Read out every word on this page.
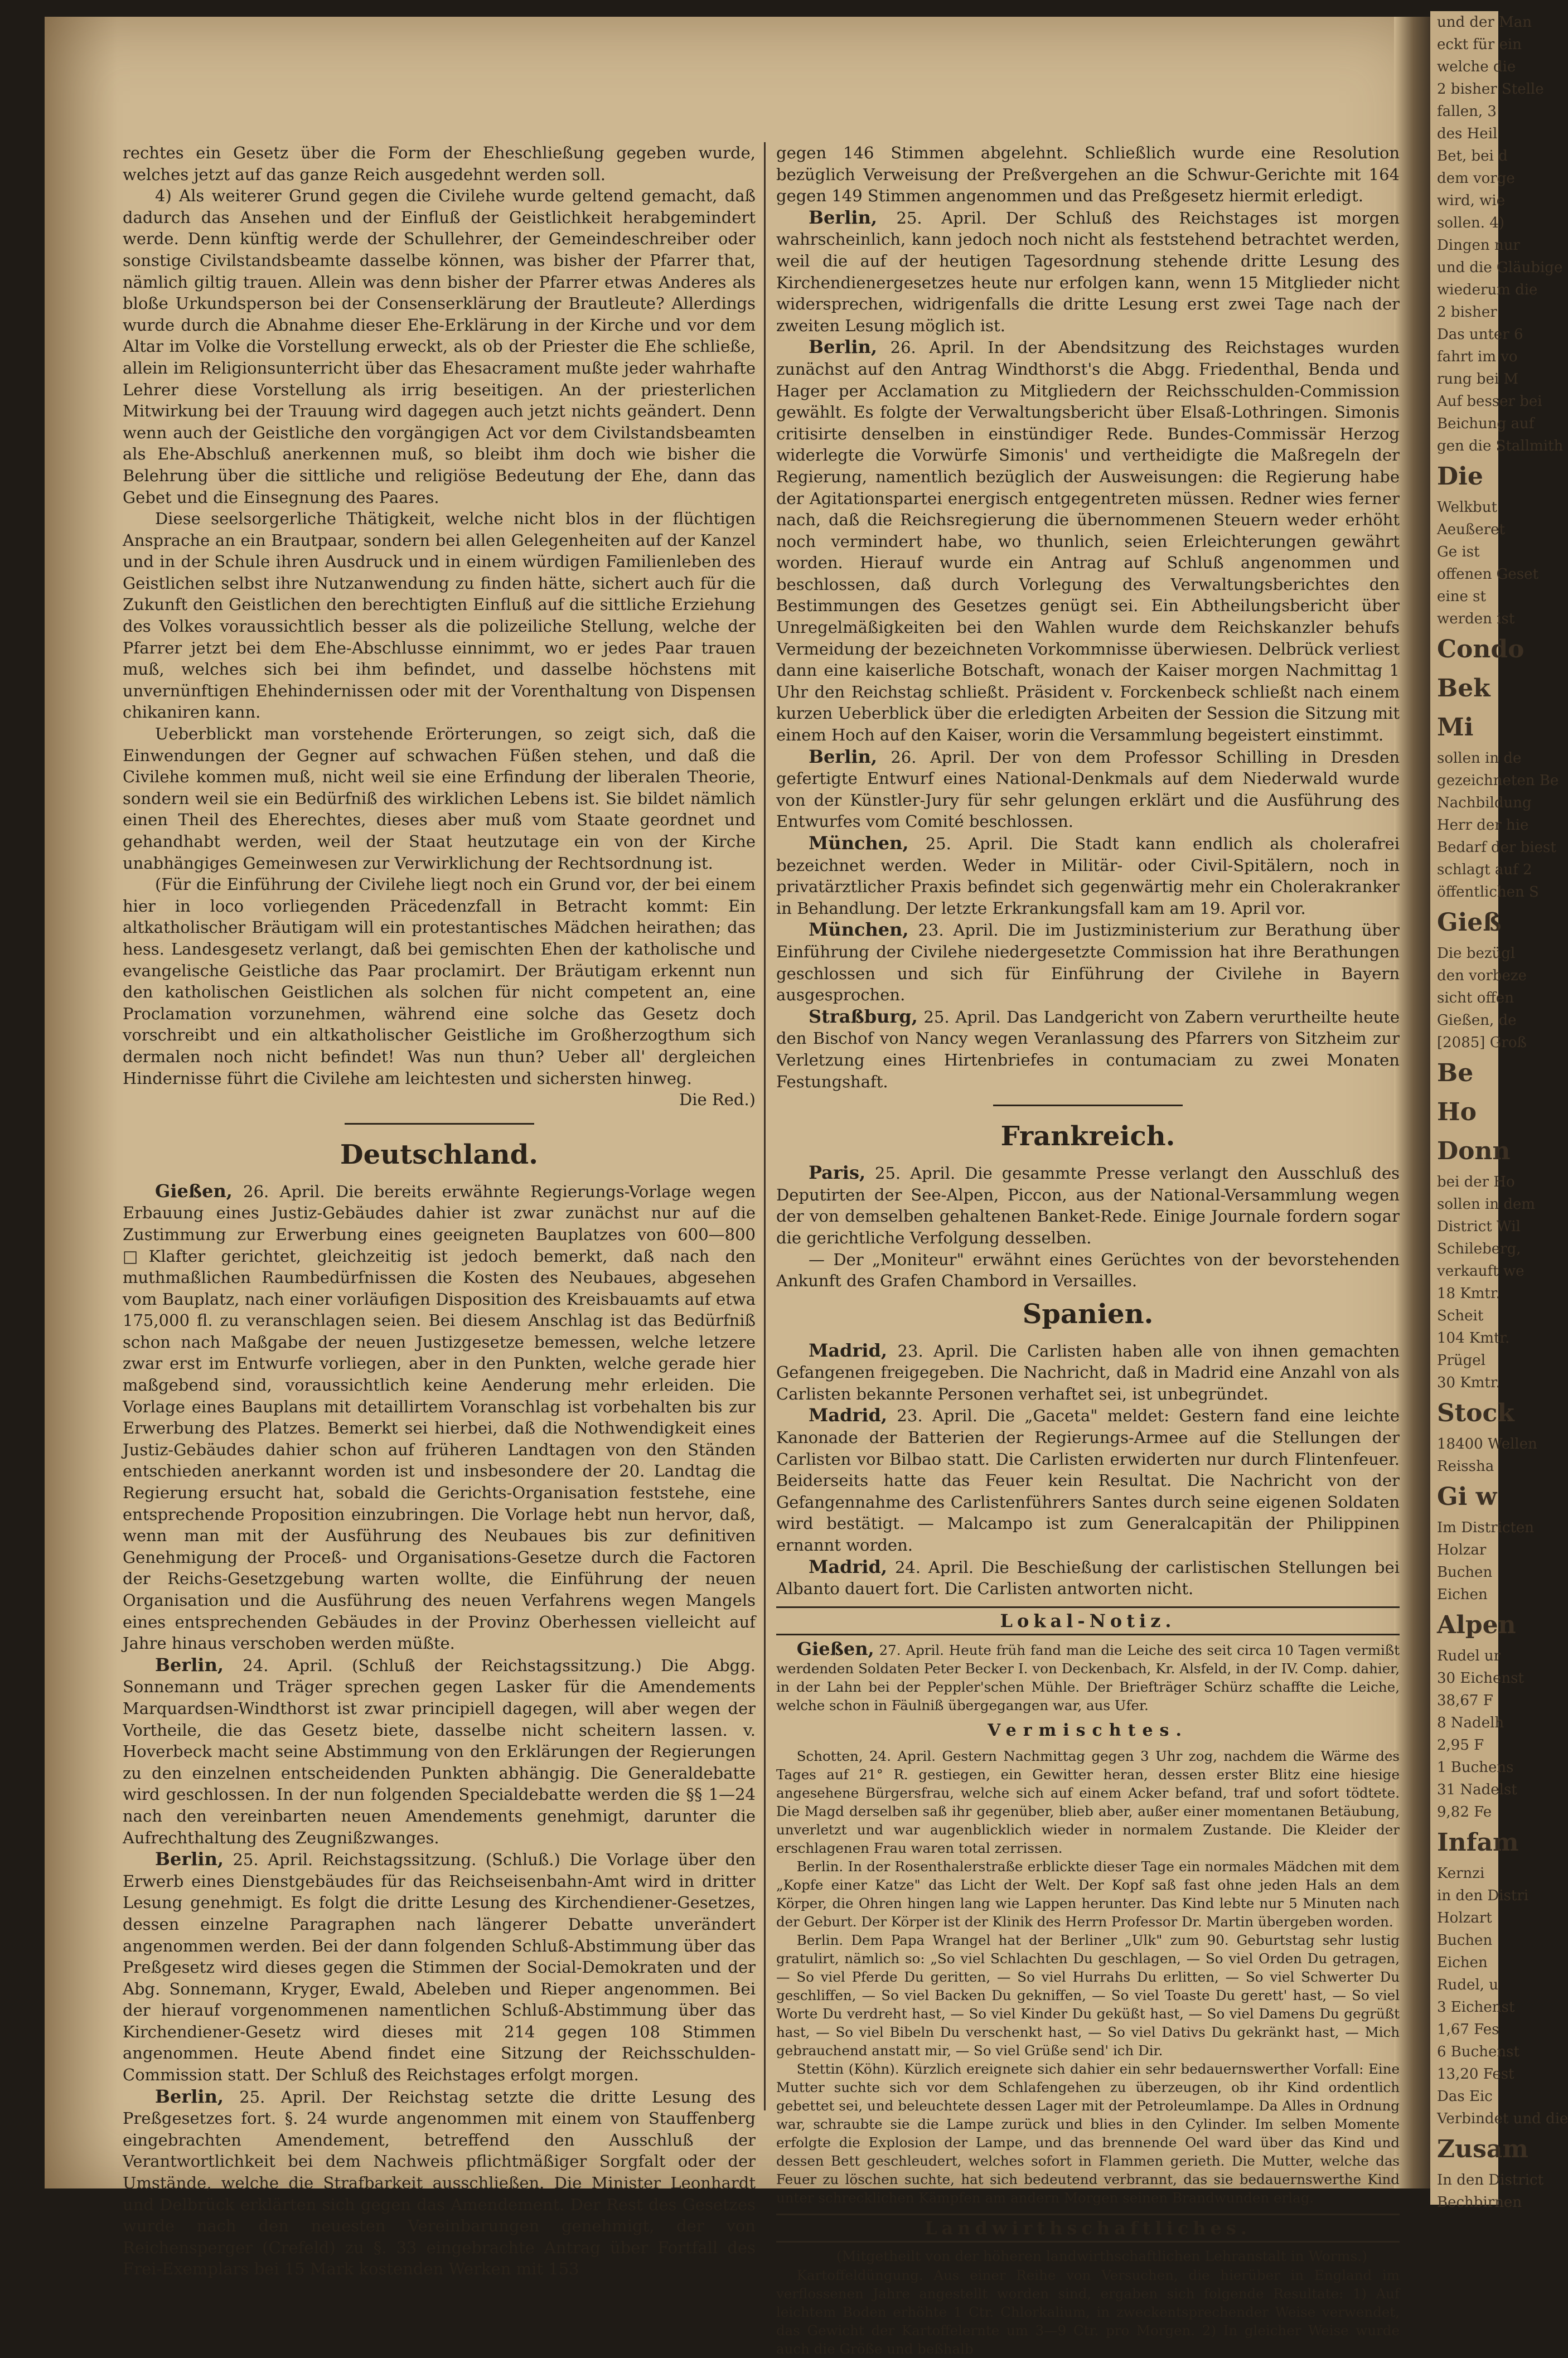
und der Man
eckt für ein
welche die
2 bisher Stelle
fallen, 3
des Heil
Bet, bei d
dem vorge
wird, wie
sollen. 4)
Dingen nur
und die Gläubige
wiederum die
2 bisher
Das unter 6
fahrt im vo
rung bei M
Auf besser bei
Beichung auf
gen die Stallmith
Die
Welkbut
Aeußeret
Ge ist
offenen Geset
eine st
werden ist
Condo
Bek
Mi
sollen in de
gezeichneten Be
Nachbildung
Herr der hie
Bedarf der biest
schlagt auf 2
öffentlichen S
Gieß
Die bezügl
den vorbeze
sicht offen
Gießen, de
[2085] Groß
Be
Ho
Donn
bei der Ho
sollen in dem
District Wil
Schileberg,
verkauft we
18 Kmtr.
Scheit
104 Kmtr.
Prügel
30 Kmtr.
Stock
18400 Wellen
Reissha
Gi w
Im Districten
Holzar
Buchen
Eichen
Alpen
Rudel ur
30 Eichenst
38,67 F
8 Nadelh
2,95 F
1 Buchens
31 Nadelst
9,82 Fe
Infam
Kernzi
in den Distri
Holzart
Buchen
Eichen
Rudel, u
3 Eichenst
1,67 Fes
6 Buchenst
13,20 Fest
Das Eic
Verbindet und die
Zusam
In den District
Bechbirnen

rechtes ein Gesetz über die Form der Eheschließung gegeben wurde, welches jetzt auf das ganze Reich ausgedehnt werden soll.

4) Als weiterer Grund gegen die Civilehe wurde geltend gemacht, daß dadurch das Ansehen und der Einfluß der Geistlichkeit herabgemindert werde. Denn künftig werde der Schullehrer, der Gemeindeschreiber oder sonstige Civilstandsbeamte dasselbe können, was bisher der Pfarrer that, nämlich giltig trauen. Allein was denn bisher der Pfarrer etwas Anderes als bloße Urkundsperson bei der Consenserklärung der Brautleute? Allerdings wurde durch die Abnahme dieser Ehe-Erklärung in der Kirche und vor dem Altar im Volke die Vorstellung erweckt, als ob der Priester die Ehe schließe, allein im Religionsunterricht über das Ehesacrament mußte jeder wahrhafte Lehrer diese Vorstellung als irrig beseitigen. An der priesterlichen Mitwirkung bei der Trauung wird dagegen auch jetzt nichts geändert. Denn wenn auch der Geistliche den vorgängigen Act vor dem Civilstandsbeamten als Ehe-Abschluß anerkennen muß, so bleibt ihm doch wie bisher die Belehrung über die sittliche und religiöse Bedeutung der Ehe, dann das Gebet und die Einsegnung des Paares.

Diese seelsorgerliche Thätigkeit, welche nicht blos in der flüchtigen Ansprache an ein Brautpaar, sondern bei allen Gelegenheiten auf der Kanzel und in der Schule ihren Ausdruck und in einem würdigen Familienleben des Geistlichen selbst ihre Nutzanwendung zu finden hätte, sichert auch für die Zukunft den Geistlichen den berechtigten Einfluß auf die sittliche Erziehung des Volkes voraussichtlich besser als die polizeiliche Stellung, welche der Pfarrer jetzt bei dem Ehe-Abschlusse einnimmt, wo er jedes Paar trauen muß, welches sich bei ihm befindet, und dasselbe höchstens mit unvernünftigen Ehehindernissen oder mit der Vorenthaltung von Dispensen chikaniren kann.

Ueberblickt man vorstehende Erörterungen, so zeigt sich, daß die Einwendungen der Gegner auf schwachen Füßen stehen, und daß die Civilehe kommen muß, nicht weil sie eine Erfindung der liberalen Theorie, sondern weil sie ein Bedürfniß des wirklichen Lebens ist. Sie bildet nämlich einen Theil des Eherechtes, dieses aber muß vom Staate geordnet und gehandhabt werden, weil der Staat heutzutage ein von der Kirche unabhängiges Gemeinwesen zur Verwirklichung der Rechtsordnung ist.

(Für die Einführung der Civilehe liegt noch ein Grund vor, der bei einem hier in loco vorliegenden Präcedenzfall in Betracht kommt: Ein altkatholischer Bräutigam will ein protestantisches Mädchen heirathen; das hess. Landesgesetz verlangt, daß bei gemischten Ehen der katholische und evangelische Geistliche das Paar proclamirt. Der Bräutigam erkennt nun den katholischen Geistlichen als solchen für nicht competent an, eine Proclamation vorzunehmen, während eine solche das Gesetz doch vorschreibt und ein altkatholischer Geistliche im Großherzogthum sich dermalen noch nicht befindet! Was nun thun? Ueber all' dergleichen Hindernisse führt die Civilehe am leichtesten und sichersten hinweg.

Die Red.)

Deutschland.

Gießen, 26. April. Die bereits erwähnte Regierungs-Vorlage wegen Erbauung eines Justiz-Gebäudes dahier ist zwar zunächst nur auf die Zustimmung zur Erwerbung eines geeigneten Bauplatzes von 600—800 □Klafter gerichtet, gleichzeitig ist jedoch bemerkt, daß nach den muthmaßlichen Raumbedürfnissen die Kosten des Neubaues, abgesehen vom Bauplatz, nach einer vorläufigen Disposition des Kreisbauamts auf etwa 175,000 fl. zu veranschlagen seien. Bei diesem Anschlag ist das Bedürfniß schon nach Maßgabe der neuen Justizgesetze bemessen, welche letzere zwar erst im Entwurfe vorliegen, aber in den Punkten, welche gerade hier maßgebend sind, voraussichtlich keine Aenderung mehr erleiden. Die Vorlage eines Bauplans mit detaillirtem Voranschlag ist vorbehalten bis zur Erwerbung des Platzes. Bemerkt sei hierbei, daß die Nothwendigkeit eines Justiz-Gebäudes dahier schon auf früheren Landtagen von den Ständen entschieden anerkannt worden ist und insbesondere der 20. Landtag die Regierung ersucht hat, sobald die Gerichts-Organisation feststehe, eine entsprechende Proposition einzubringen. Die Vorlage hebt nun hervor, daß, wenn man mit der Ausführung des Neubaues bis zur definitiven Genehmigung der Proceß- und Organisations-Gesetze durch die Factoren der Reichs-Gesetzgebung warten wollte, die Einführung der neuen Organisation und die Ausführung des neuen Verfahrens wegen Mangels eines entsprechenden Gebäudes in der Provinz Oberhessen vielleicht auf Jahre hinaus verschoben werden müßte.

Berlin, 24. April. (Schluß der Reichstagssitzung.) Die Abgg. Sonnemann und Träger sprechen gegen Lasker für die Amendements Marquardsen-Windthorst ist zwar principiell dagegen, will aber wegen der Vortheile, die das Gesetz biete, dasselbe nicht scheitern lassen. v. Hoverbeck macht seine Abstimmung von den Erklärungen der Regierungen zu den einzelnen entscheidenden Punkten abhängig. Die Generaldebatte wird geschlossen. In der nun folgenden Specialdebatte werden die §§ 1—24 nach den vereinbarten neuen Amendements genehmigt, darunter die Aufrechthaltung des Zeugnißzwanges.

Berlin, 25. April. Reichstagssitzung. (Schluß.) Die Vorlage über den Erwerb eines Dienstgebäudes für das Reichseisenbahn-Amt wird in dritter Lesung genehmigt. Es folgt die dritte Lesung des Kirchendiener-Gesetzes, dessen einzelne Paragraphen nach längerer Debatte unverändert angenommen werden. Bei der dann folgenden Schluß-Abstimmung über das Preßgesetz wird dieses gegen die Stimmen der Social-Demokraten und der Abg. Sonnemann, Kryger, Ewald, Abeleben und Rieper angenommen. Bei der hierauf vorgenommenen namentlichen Schluß-Abstimmung über das Kirchendiener-Gesetz wird dieses mit 214 gegen 108 Stimmen angenommen. Heute Abend findet eine Sitzung der Reichsschulden-Commission statt. Der Schluß des Reichstages erfolgt morgen.

Berlin, 25. April. Der Reichstag setzte die dritte Lesung des Preßgesetzes fort. §. 24 wurde angenommen mit einem von Stauffenberg eingebrachten Amendement, betreffend den Ausschluß der Verantwortlichkeit bei dem Nachweis pflichtmäßiger Sorgfalt oder der Umstände, welche die Strafbarkeit ausschließen. Die Minister Leonhardt und Delbrück erklärten sich gegen das Amendement. Der Rest des Gesetzes wurde nach den neuesten Vereinbarungen genehmigt, der von Reichensperger (Crefeld) zu §. 33 eingebrachte Antrag über Fortfall des Frei-Exemplars bei 15 Mark kostenden Werken mit 153

gegen 146 Stimmen abgelehnt. Schließlich wurde eine Resolution bezüglich Verweisung der Preßvergehen an die Schwur-Gerichte mit 164 gegen 149 Stimmen angenommen und das Preßgesetz hiermit erledigt.

Berlin, 25. April. Der Schluß des Reichstages ist morgen wahrscheinlich, kann jedoch noch nicht als feststehend betrachtet werden, weil die auf der heutigen Tagesordnung stehende dritte Lesung des Kirchendienergesetzes heute nur erfolgen kann, wenn 15 Mitglieder nicht widersprechen, widrigenfalls die dritte Lesung erst zwei Tage nach der zweiten Lesung möglich ist.

Berlin, 26. April. In der Abendsitzung des Reichstages wurden zunächst auf den Antrag Windthorst's die Abgg. Friedenthal, Benda und Hager per Acclamation zu Mitgliedern der Reichsschulden-Commission gewählt. Es folgte der Verwaltungsbericht über Elsaß-Lothringen. Simonis critisirte denselben in einstündiger Rede. Bundes-Commissär Herzog widerlegte die Vorwürfe Simonis' und vertheidigte die Maßregeln der Regierung, namentlich bezüglich der Ausweisungen: die Regierung habe der Agitationspartei energisch entgegentreten müssen. Redner wies ferner nach, daß die Reichsregierung die übernommenen Steuern weder erhöht noch vermindert habe, wo thunlich, seien Erleichterungen gewährt worden. Hierauf wurde ein Antrag auf Schluß angenommen und beschlossen, daß durch Vorlegung des Verwaltungsberichtes den Bestimmungen des Gesetzes genügt sei. Ein Abtheilungsbericht über Unregelmäßigkeiten bei den Wahlen wurde dem Reichskanzler behufs Vermeidung der bezeichneten Vorkommnisse überwiesen. Delbrück verliest dann eine kaiserliche Botschaft, wonach der Kaiser morgen Nachmittag 1 Uhr den Reichstag schließt. Präsident v. Forckenbeck schließt nach einem kurzen Ueberblick über die erledigten Arbeiten der Session die Sitzung mit einem Hoch auf den Kaiser, worin die Versammlung begeistert einstimmt.

Berlin, 26. April. Der von dem Professor Schilling in Dresden gefertigte Entwurf eines National-Denkmals auf dem Niederwald wurde von der Künstler-Jury für sehr gelungen erklärt und die Ausführung des Entwurfes vom Comité beschlossen.

München, 25. April. Die Stadt kann endlich als cholerafrei bezeichnet werden. Weder in Militär- oder Civil-Spitälern, noch in privatärztlicher Praxis befindet sich gegenwärtig mehr ein Cholerakranker in Behandlung. Der letzte Erkrankungsfall kam am 19. April vor.

München, 23. April. Die im Justizministerium zur Berathung über Einführung der Civilehe niedergesetzte Commission hat ihre Berathungen geschlossen und sich für Einführung der Civilehe in Bayern ausgesprochen.

Straßburg, 25. April. Das Landgericht von Zabern verurtheilte heute den Bischof von Nancy wegen Veranlassung des Pfarrers von Sitzheim zur Verletzung eines Hirtenbriefes in contumaciam zu zwei Monaten Festungshaft.

Frankreich.

Paris, 25. April. Die gesammte Presse verlangt den Ausschluß des Deputirten der See-Alpen, Piccon, aus der National-Versammlung wegen der von demselben gehaltenen Banket-Rede. Einige Journale fordern sogar die gerichtliche Verfolgung desselben.

— Der „Moniteur" erwähnt eines Gerüchtes von der bevorstehenden Ankunft des Grafen Chambord in Versailles.

Spanien.

Madrid, 23. April. Die Carlisten haben alle von ihnen gemachten Gefangenen freigegeben. Die Nachricht, daß in Madrid eine Anzahl von als Carlisten bekannte Personen verhaftet sei, ist unbegründet.

Madrid, 23. April. Die „Gaceta" meldet: Gestern fand eine leichte Kanonade der Batterien der Regierungs-Armee auf die Stellungen der Carlisten vor Bilbao statt. Die Carlisten erwiderten nur durch Flintenfeuer. Beiderseits hatte das Feuer kein Resultat. Die Nachricht von der Gefangennahme des Carlistenführers Santes durch seine eigenen Soldaten wird bestätigt. — Malcampo ist zum Generalcapitän der Philippinen ernannt worden.

Madrid, 24. April. Die Beschießung der carlistischen Stellungen bei Albanto dauert fort. Die Carlisten antworten nicht.

Lokal-Notiz.

Gießen, 27. April. Heute früh fand man die Leiche des seit circa 10 Tagen vermißt werdenden Soldaten Peter Becker I. von Deckenbach, Kr. Alsfeld, in der IV. Comp. dahier, in der Lahn bei der Peppler'schen Mühle. Der Briefträger Schürz schaffte die Leiche, welche schon in Fäulniß übergegangen war, aus Ufer.

Vermischtes.

Schotten, 24. April. Gestern Nachmittag gegen 3 Uhr zog, nachdem die Wärme des Tages auf 21° R. gestiegen, ein Gewitter heran, dessen erster Blitz eine hiesige angesehene Bürgersfrau, welche sich auf einem Acker befand, traf und sofort tödtete. Die Magd derselben saß ihr gegenüber, blieb aber, außer einer momentanen Betäubung, unverletzt und war augenblicklich wieder in normalem Zustande. Die Kleider der erschlagenen Frau waren total zerrissen.

Berlin. In der Rosenthalerstraße erblickte dieser Tage ein normales Mädchen mit dem „Kopfe einer Katze" das Licht der Welt. Der Kopf saß fast ohne jeden Hals an dem Körper, die Ohren hingen lang wie Lappen herunter. Das Kind lebte nur 5 Minuten nach der Geburt. Der Körper ist der Klinik des Herrn Professor Dr. Martin übergeben worden.

Berlin. Dem Papa Wrangel hat der Berliner „Ulk" zum 90. Geburtstag sehr lustig gratulirt, nämlich so: „So viel Schlachten Du geschlagen, — So viel Orden Du getragen, — So viel Pferde Du geritten, — So viel Hurrahs Du erlitten, — So viel Schwerter Du geschliffen, — So viel Backen Du gekniffen, — So viel Toaste Du gerett' hast, — So viel Worte Du verdreht hast, — So viel Kinder Du geküßt hast, — So viel Damens Du gegrüßt hast, — So viel Bibeln Du verschenkt hast, — So viel Dativs Du gekränkt hast, — Mich gebrauchend anstatt mir, — So viel Grüße send' ich Dir.

Stettin (Köhn). Kürzlich ereignete sich dahier ein sehr bedauernswerther Vorfall: Eine Mutter suchte sich vor dem Schlafengehen zu überzeugen, ob ihr Kind ordentlich gebettet sei, und beleuchtete dessen Lager mit der Petroleumlampe. Da Alles in Ordnung war, schraubte sie die Lampe zurück und blies in den Cylinder. Im selben Momente erfolgte die Explosion der Lampe, und das brennende Oel ward über das Kind und dessen Bett geschleudert, welches sofort in Flammen gerieth. Die Mutter, welche das Feuer zu löschen suchte, hat sich bedeutend verbrannt, das sie bedauernswerthe Kind unter schrecklichen Kämpfen am andern Morgen seinen Brandwunden erlag.

Landwirthschaftliches.

(Mitgetheilt von der höheren landwirthschaftlichen Lehranstalt in Worms.)

Kartoffeldüngung. Aus einer Reihe von Versuchen, die hierüber in England im verflossenen Jahre angestellt worden sind, ergaben sich folgende Resultate: 1) Auf leichtem Boden erhöhte 1 Ctr. Chlorkalium, in zweckentsprechender Weise verwendet, das Gewicht der Kartoffelernte um 3—9 Ctr. pro Morgen. 2) In gleicher Weise wurde auch die Größe und beßhalb
